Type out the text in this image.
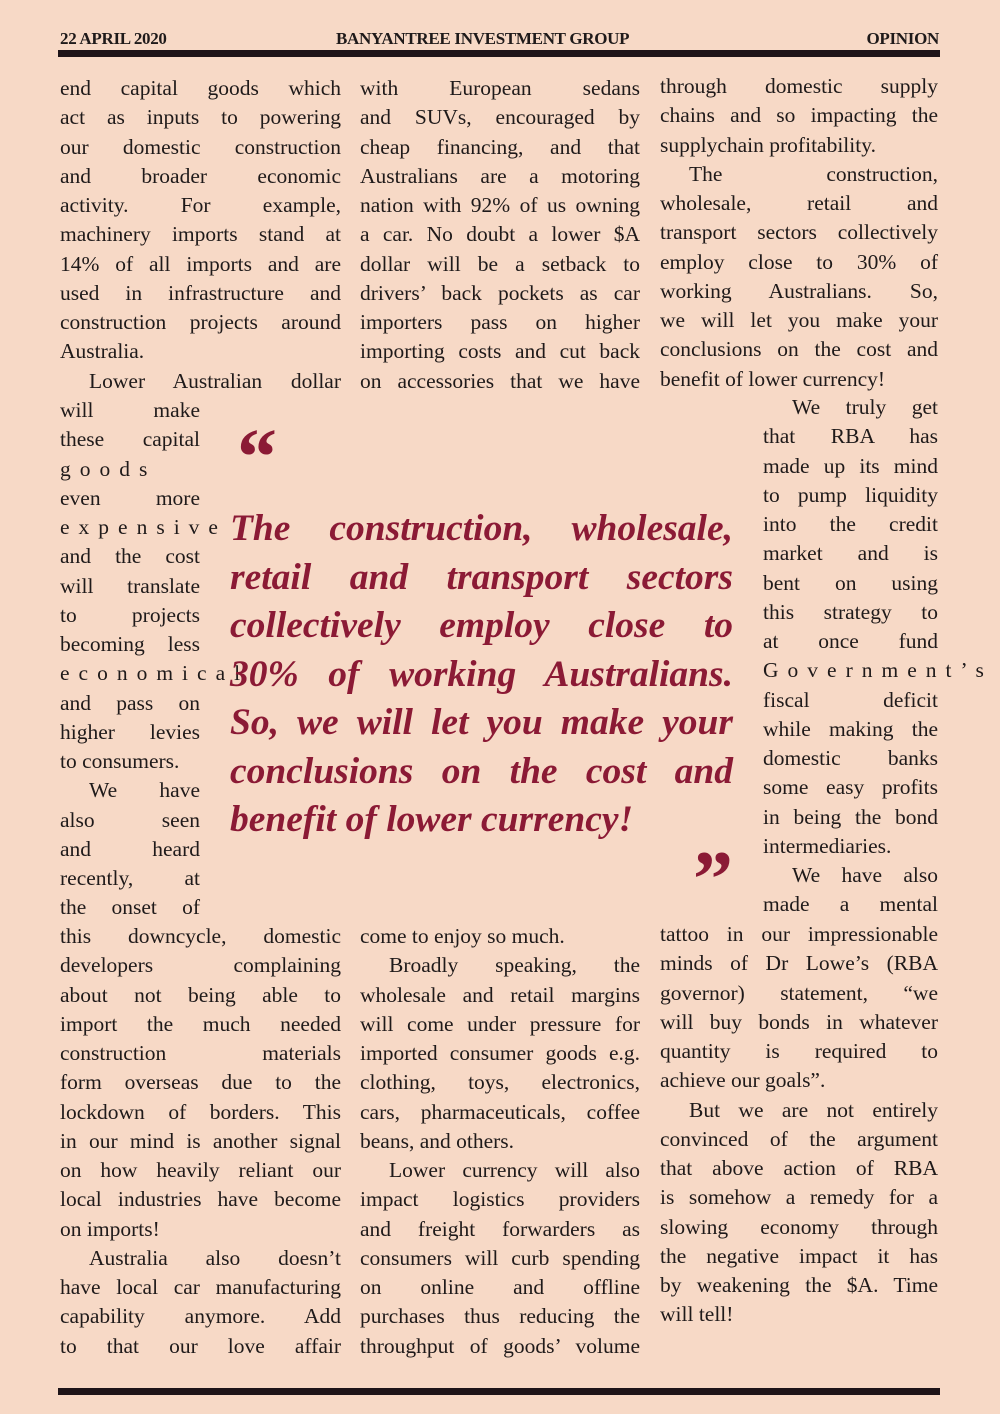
22 APRIL 2020	BANYANTREE INVESTMENT GROUP	OPINION
end capital goods which
act as inputs to powering
our domestic construction
and broader economic
activity. For example,
machinery imports stand at
14% of all imports and are
used in infrastructure and
construction projects around
Australia.
Lower Australian dollar
will make
these capital
goods
even more
expensive
and the cost
will translate
to projects
becoming less
economical
and pass on
higher levies
to consumers.
We have
also seen
and heard
recently, at
the onset of
this downcycle, domestic
developers complaining
about not being able to
import the much needed
construction materials
form overseas due to the
lockdown of borders. This
in our mind is another signal
on how heavily reliant our
local industries have become
on imports!
Australia also doesn’t
have local car manufacturing
capability anymore. Add
to that our love affair
with European sedans
and SUVs, encouraged by
cheap financing, and that
Australians are a motoring
nation with 92% of us owning
a car. No doubt a lower $A
dollar will be a setback to
drivers’ back pockets as car
importers pass on higher
importing costs and cut back
on accessories that we have
come to enjoy so much.
Broadly speaking, the
wholesale and retail margins
will come under pressure for
imported consumer goods e.g.
clothing, toys, electronics,
cars, pharmaceuticals, coffee
beans, and others.
Lower currency will also
impact logistics providers
and freight forwarders as
consumers will curb spending
on online and offline
purchases thus reducing the
throughput of goods’ volume
through domestic supply
chains and so impacting the
supplychain profitability.
The construction,
wholesale, retail and
transport sectors collectively
employ close to 30% of
working Australians. So,
we will let you make your
conclusions on the cost and
benefit of lower currency!
We truly get
that RBA has
made up its mind
to pump liquidity
into the credit
market and is
bent on using
this strategy to
at once fund
Government’s
fiscal deficit
while making the
domestic banks
some easy profits
in being the bond
intermediaries.
We have also
made a mental
tattoo in our impressionable
minds of Dr Lowe’s (RBA
governor) statement, “we
will buy bonds in whatever
quantity is required to
achieve our goals”.
But we are not entirely
convinced of the argument
that above action of RBA
is somehow a remedy for a
slowing economy through
the negative impact it has
by weakening the $A. Time
will tell!
“
The construction, wholesale,
retail and transport sectors
collectively employ close to
30% of working Australians.
So, we will let you make your
conclusions on the cost and
benefit of lower currency!
”
